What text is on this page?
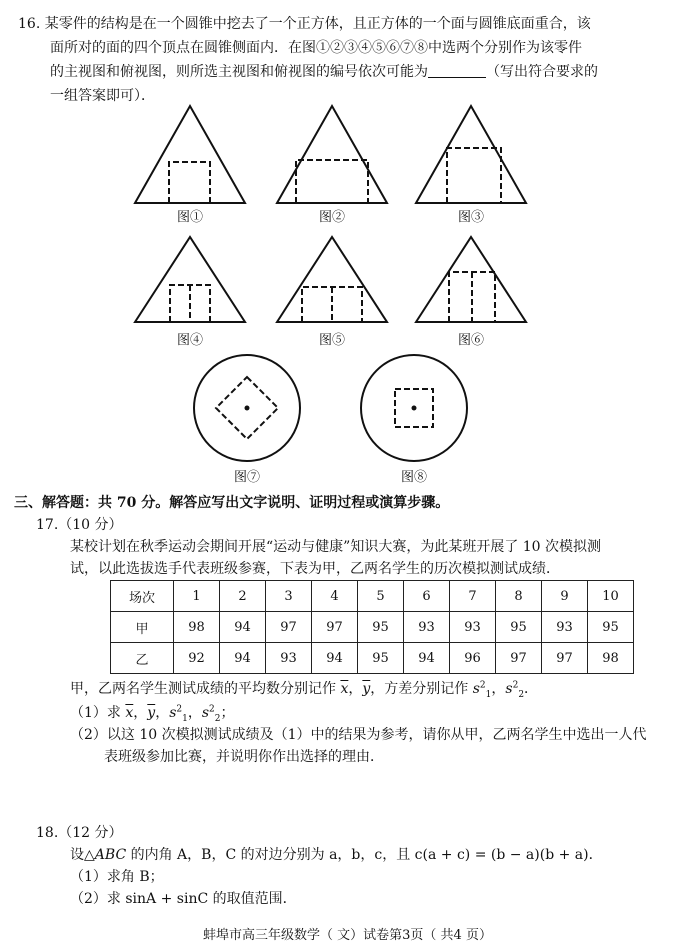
16. 某零件的结构是在一个圆锥中挖去了一个正方体，且正方体的一个面与圆锥底面重合，该
面所对的面的四个顶点在圆锥侧面内．在图①②③④⑤⑥⑦⑧中选两个分别作为该零件
的主视图和俯视图，则所选主视图和俯视图的编号依次可能为	（写出符合要求的
一组答案即可）．
图①	图②	图③
图④	图⑤	图⑥
图⑦	图⑧
三、解答题：共 70 分。解答应写出文字说明、证明过程或演算步骤。
17.（10 分）
某校计划在秋季运动会期间开展“运动与健康”知识大赛，为此某班开展了 10 次模拟测
试，以此选拔选手代表班级参赛，下表为甲，乙两名学生的历次模拟测试成绩．
场次	1	2	3	4	5	6	7	8	9	10
甲	98	94	97	97	95	93	93	95	93	95
乙	92	94	93	94	95	94	96	97	97	98
甲，乙两名学生测试成绩的平均数分别记作 $\overline{x}$，$\overline{y}$，方差分别记作 $s^2_1$，$s^2_2$．
（1）求 $\overline{x}$，$\overline{y}$，$s^2_1$，$s^2_2$；
（2）以这 10 次模拟测试成绩及（1）中的结果为参考，请你从甲，乙两名学生中选出一人代
表班级参加比赛，并说明你作出选择的理由．
18.（12 分）
设△ABC 的内角 A，B，C 的对边分别为 a，b，c，且 c(a + c) = (b − a)(b + a)．
（1）求角 B；
（2）求 sinA + sinC 的取值范围．
蚌埠市高三年级数学（ 文）试卷第3页（ 共4 页）
